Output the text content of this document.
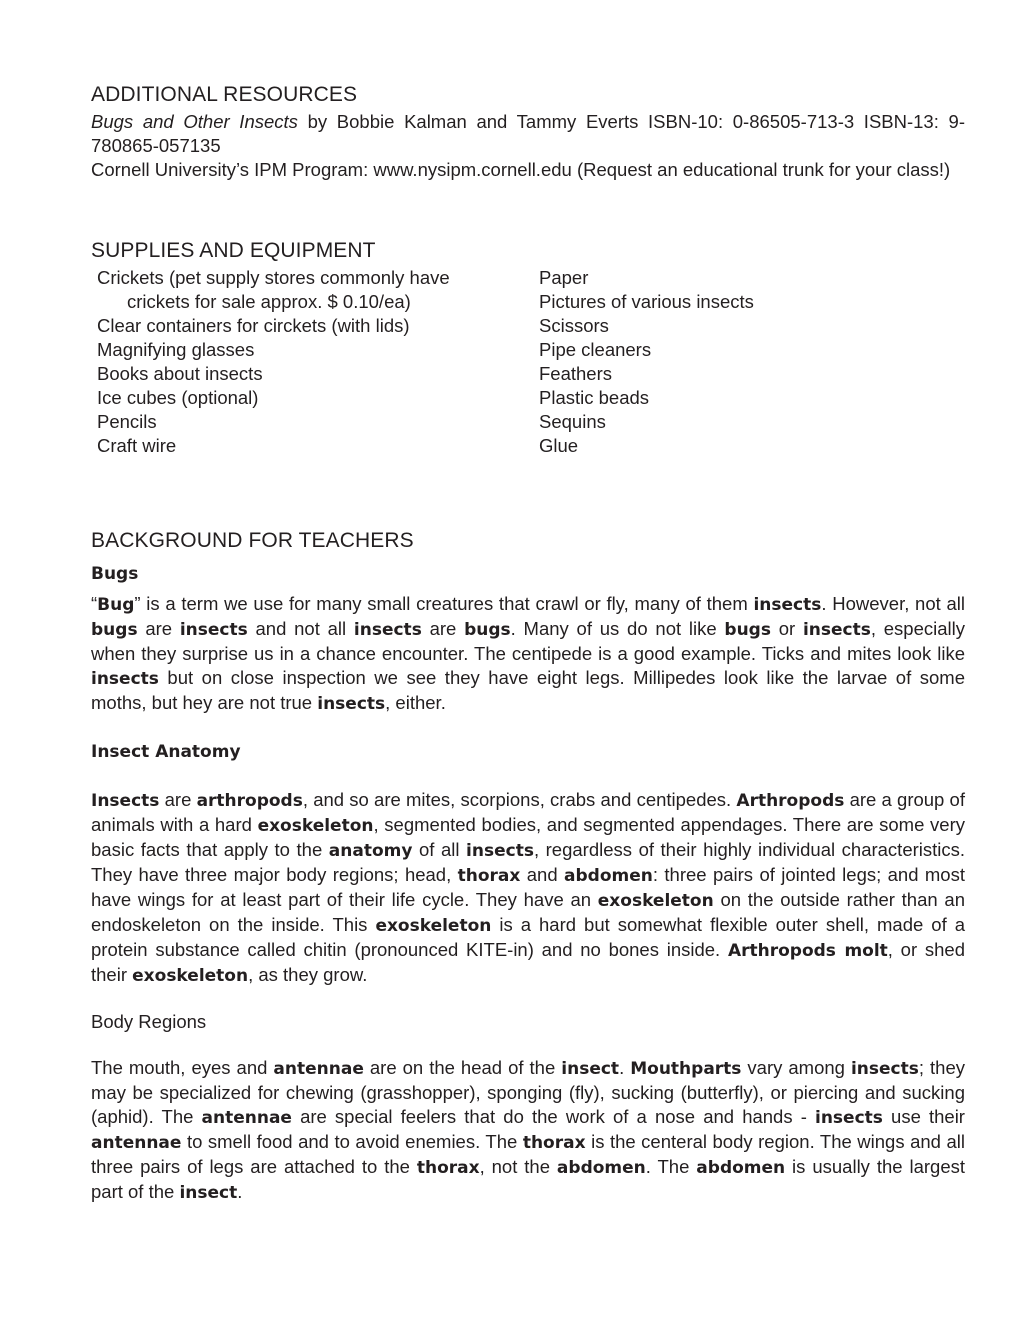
ADDITIONAL RESOURCES

Bugs and Other Insects by Bobbie Kalman and Tammy Everts ISBN-10: 0-86505-713-3 ISBN-13: 9-780865-057135

Cornell University’s IPM Program: www.nysipm.cornell.edu (Request an educational trunk for your class!)

SUPPLIES AND EQUIPMENT
Crickets (pet supply stores commonly have
crickets for sale approx. $ 0.10/ea)
Clear containers for circkets (with lids)
Magnifying glasses
Books about insects
Ice cubes (optional)
Pencils
Craft wire
Paper
Pictures of various insects
Scissors
Pipe cleaners
Feathers
Plastic beads
Sequins
Glue
BACKGROUND FOR TEACHERS
Bugs

“Bug” is a term we use for many small creatures that crawl or fly, many of them insects. However, not all bugs are insects and not all insects are bugs. Many of us do not like bugs or insects, especially when they surprise us in a chance encounter. The centipede is a good example. Ticks and mites look like insects but on close inspection we see they have eight legs. Millipedes look like the larvae of some moths, but hey are not true insects, either.

Insect Anatomy

Insects are arthropods, and so are mites, scorpions, crabs and centipedes. Arthropods are a group of animals with a hard exoskeleton, segmented bodies, and segmented appendages. There are some very basic facts that apply to the anatomy of all insects, regardless of their highly individual characteristics. They have three major body regions; head, thorax and abdomen: three pairs of jointed legs; and most have wings for at least part of their life cycle. They have an exoskeleton on the outside rather than an endoskeleton on the inside. This exoskeleton is a hard but somewhat flexible outer shell, made of a protein substance called chitin (pronounced KITE-in) and no bones inside. Arthropods molt, or shed their exoskeleton, as they grow.

Body Regions

The mouth, eyes and antennae are on the head of the insect. Mouthparts vary among insects; they may be specialized for chewing (grasshopper), sponging (fly), sucking (butterfly), or piercing and sucking (aphid). The antennae are special feelers that do the work of a nose and hands - insects use their antennae to smell food and to avoid enemies. The thorax is the centeral body region. The wings and all three pairs of legs are attached to the thorax, not the abdomen. The abdomen is usually the largest part of the insect.
